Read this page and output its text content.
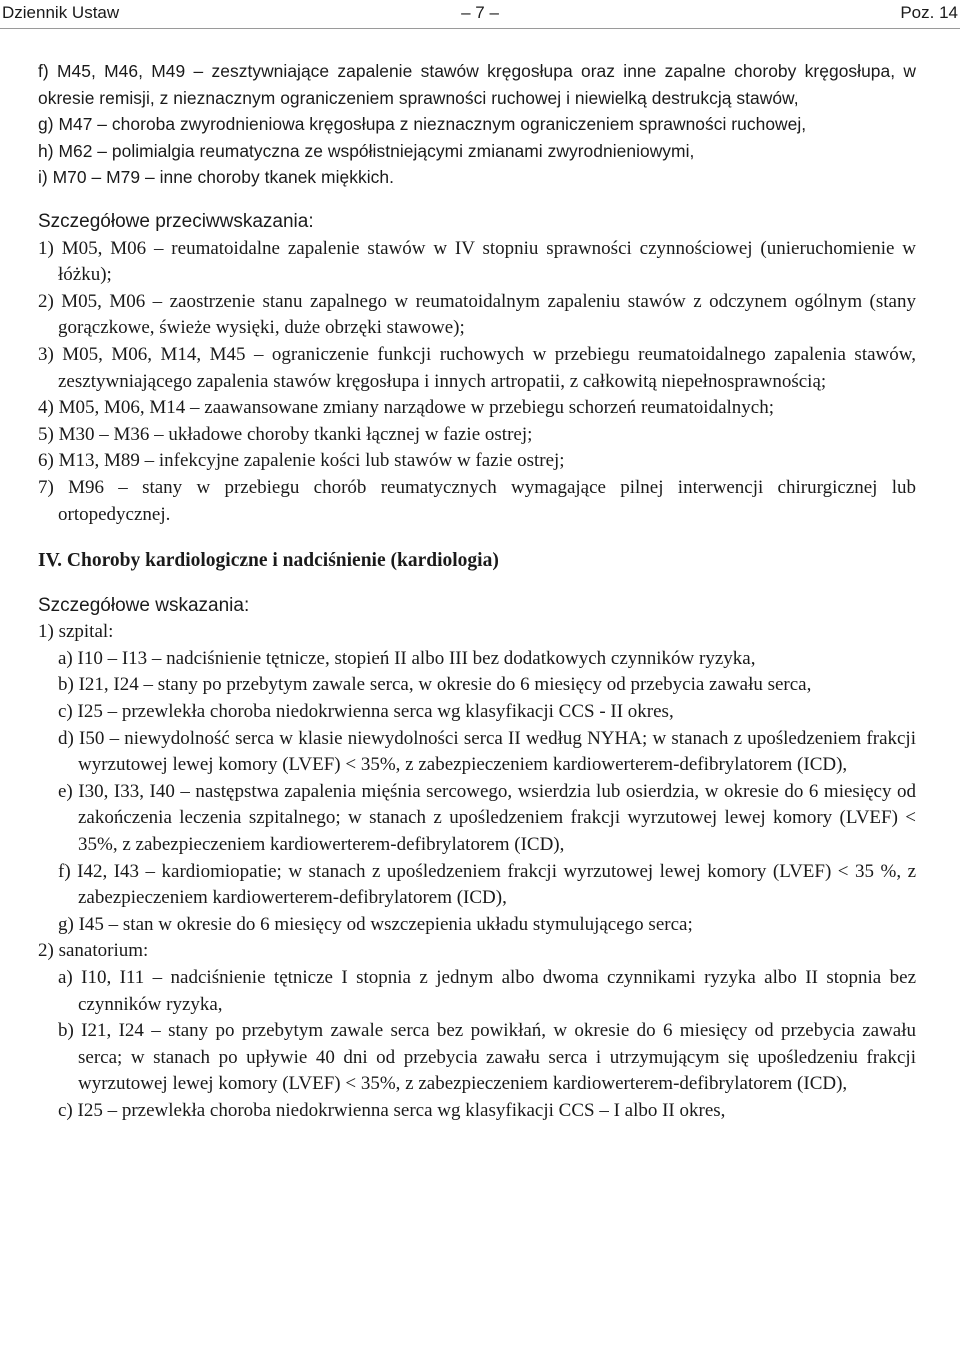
Dziennik Ustaw	– 7 –	Poz. 14

f) M45, M46, M49 – zesztywniające zapalenie stawów kręgosłupa oraz inne zapalne choroby kręgosłupa, w okresie remisji, z nieznacznym ograniczeniem sprawności ruchowej i niewielką destrukcją stawów,

g) M47 – choroba zwyrodnieniowa kręgosłupa z nieznacznym ograniczeniem sprawności ruchowej,

h) M62 – polimialgia reumatyczna ze współistniejącymi zmianami zwyrodnieniowymi,

i) M70 – M79 – inne choroby tkanek miękkich.

Szczegółowe przeciwwskazania:

1) M05, M06 – reumatoidalne zapalenie stawów w IV stopniu sprawności czynnościowej (unieruchomienie w łóżku);

2) M05, M06 – zaostrzenie stanu zapalnego w reumatoidalnym zapaleniu stawów z odczynem ogólnym (stany gorączkowe, świeże wysięki, duże obrzęki stawowe);

3) M05, M06, M14, M45 – ograniczenie funkcji ruchowych w przebiegu reumatoidalnego zapalenia stawów, zesztywniającego zapalenia stawów kręgosłupa i innych artropatii, z całkowitą niepełnosprawnością;

4) M05, M06, M14 – zaawansowane zmiany narządowe w przebiegu schorzeń reumatoidalnych;

5) M30 – M36 – układowe choroby tkanki łącznej w fazie ostrej;

6) M13, M89 – infekcyjne zapalenie kości lub stawów w fazie ostrej;

7) M96 – stany w przebiegu chorób reumatycznych wymagające pilnej interwencji chirurgicznej lub ortopedycznej.

IV. Choroby kardiologiczne i nadciśnienie (kardiologia)

Szczegółowe wskazania:

1) szpital:

a) I10 – I13 – nadciśnienie tętnicze, stopień II albo III bez dodatkowych czynników ryzyka,

b) I21, I24 – stany po przebytym zawale serca, w okresie do 6 miesięcy od przebycia zawału serca,

c) I25 – przewlekła choroba niedokrwienna serca wg klasyfikacji CCS - II okres,

d) I50 – niewydolność serca w klasie niewydolności serca II według NYHA; w stanach z upośledzeniem frakcji wyrzutowej lewej komory (LVEF) < 35%, z zabezpieczeniem kardiowerterem-defibrylatorem (ICD),

e) I30, I33, I40 – następstwa zapalenia mięśnia sercowego, wsierdzia lub osierdzia, w okresie do 6 miesięcy od zakończenia leczenia szpitalnego; w stanach z upośledzeniem frakcji wyrzutowej lewej komory (LVEF) < 35%, z zabezpieczeniem kardiowerterem-defibrylatorem (ICD),

f) I42, I43 – kardiomiopatie; w stanach z upośledzeniem frakcji wyrzutowej lewej komory (LVEF) < 35 %, z zabezpieczeniem kardiowerterem-defibrylatorem (ICD),

g) I45 – stan w okresie do 6 miesięcy od wszczepienia układu stymulującego serca;

2) sanatorium:

a) I10, I11 – nadciśnienie tętnicze I stopnia z jednym albo dwoma czynnikami ryzyka albo II stopnia bez czynników ryzyka,

b) I21, I24 – stany po przebytym zawale serca bez powikłań, w okresie do 6 miesięcy od przebycia zawału serca; w stanach po upływie 40 dni od przebycia zawału serca i utrzymującym się upośledzeniu frakcji wyrzutowej lewej komory (LVEF) < 35%, z zabezpieczeniem kardiowerterem-defibrylatorem (ICD),

c) I25 – przewlekła choroba niedokrwienna serca wg klasyfikacji CCS – I albo II okres,
